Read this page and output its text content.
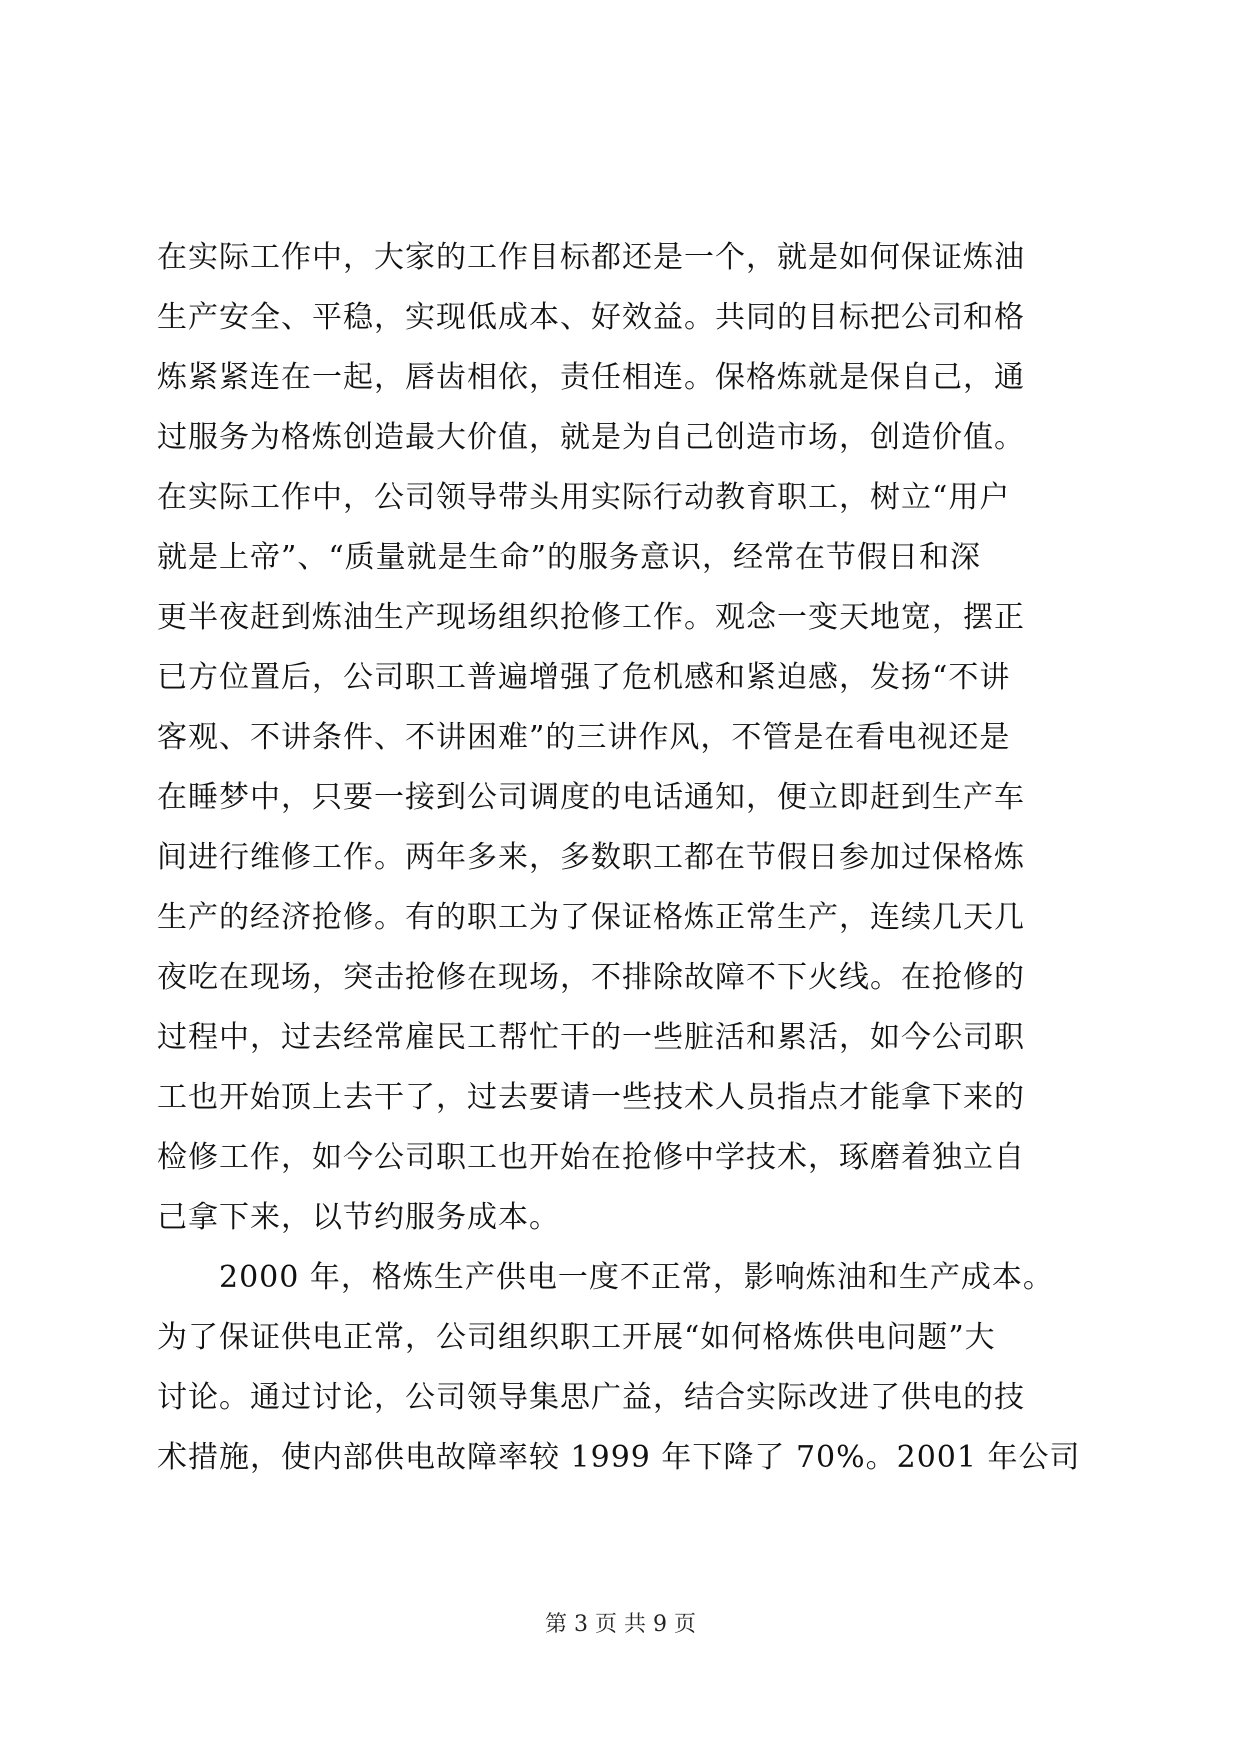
在实际工作中，大家的工作目标都还是一个，就是如何保证炼油
生产安全、平稳，实现低成本、好效益。共同的目标把公司和格
炼紧紧连在一起，唇齿相依，责任相连。保格炼就是保自己，通
过服务为格炼创造最大价值，就是为自己创造市场，创造价值。
在实际工作中，公司领导带头用实际行动教育职工，树立“用户
就是上帝”、“质量就是生命”的服务意识，经常在节假日和深
更半夜赶到炼油生产现场组织抢修工作。观念一变天地宽，摆正
已方位置后，公司职工普遍增强了危机感和紧迫感，发扬“不讲
客观、不讲条件、不讲困难”的三讲作风，不管是在看电视还是
在睡梦中，只要一接到公司调度的电话通知，便立即赶到生产车
间进行维修工作。两年多来，多数职工都在节假日参加过保格炼
生产的经济抢修。有的职工为了保证格炼正常生产，连续几天几
夜吃在现场，突击抢修在现场，不排除故障不下火线。在抢修的
过程中，过去经常雇民工帮忙干的一些脏活和累活，如今公司职
工也开始顶上去干了，过去要请一些技术人员指点才能拿下来的
检修工作，如今公司职工也开始在抢修中学技术，琢磨着独立自
己拿下来，以节约服务成本。
　　2000 年，格炼生产供电一度不正常，影响炼油和生产成本。
为了保证供电正常，公司组织职工开展“如何格炼供电问题”大
讨论。通过讨论，公司领导集思广益，结合实际改进了供电的技
术措施，使内部供电故障率较 1999 年下降了 70%。2001 年公司
第 3 页 共 9 页
